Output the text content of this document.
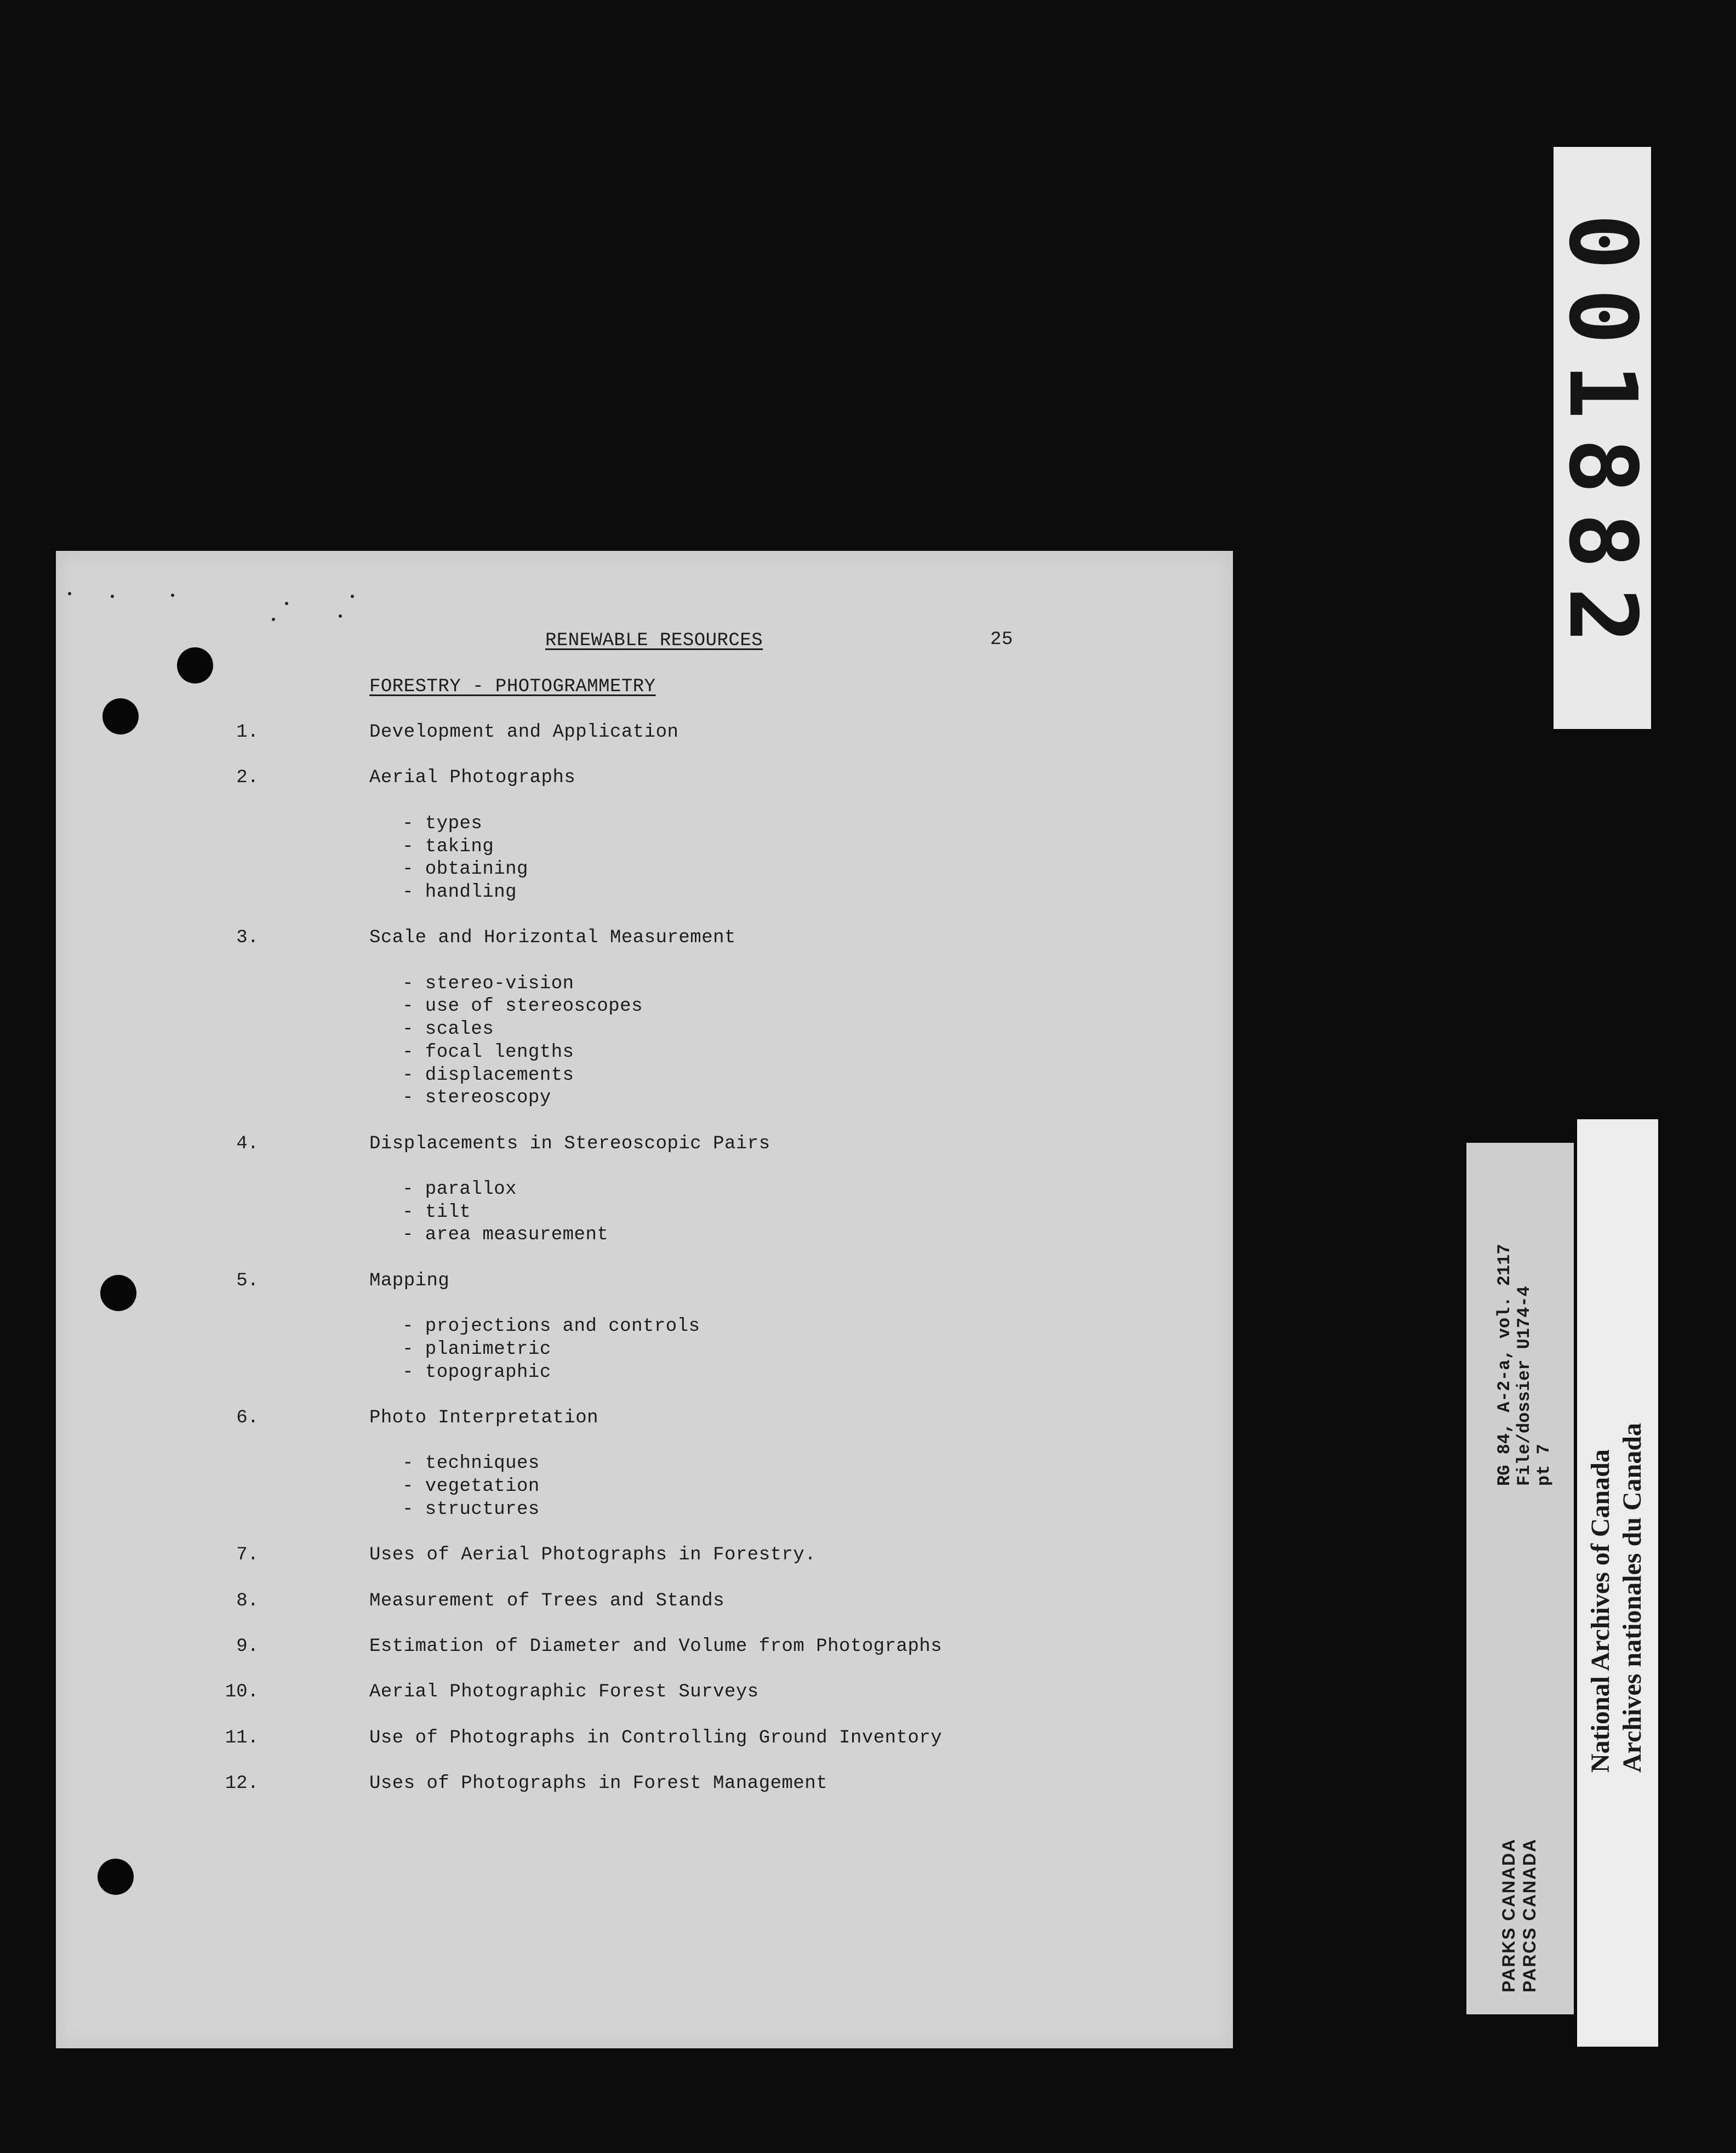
RENEWABLE RESOURCES	25
FORESTRY - PHOTOGRAMMETRY
1.	Development and Application
2.	Aerial Photographs
- types
- taking
- obtaining
- handling
3.	Scale and Horizontal Measurement
- stereo-vision
- use of stereoscopes
- scales
- focal lengths
- displacements
- stereoscopy
4.	Displacements in Stereoscopic Pairs
- parallox
- tilt
- area measurement
5.	Mapping
- projections and controls
- planimetric
- topographic
6.	Photo Interpretation
- techniques
- vegetation
- structures
7.	Uses of Aerial Photographs in Forestry.
8.	Measurement of Trees and Stands
9.	Estimation of Diameter and Volume from Photographs
10.	Aerial Photographic Forest Surveys
11.	Use of Photographs in Controlling Ground Inventory
12.	Uses of Photographs in Forest Management
001882
RG 84, A-2-a, vol. 2117 File/dossier U174-4 pt 7
PARKS CANADA PARCS CANADA
National Archives of Canada Archives nationales du Canada
